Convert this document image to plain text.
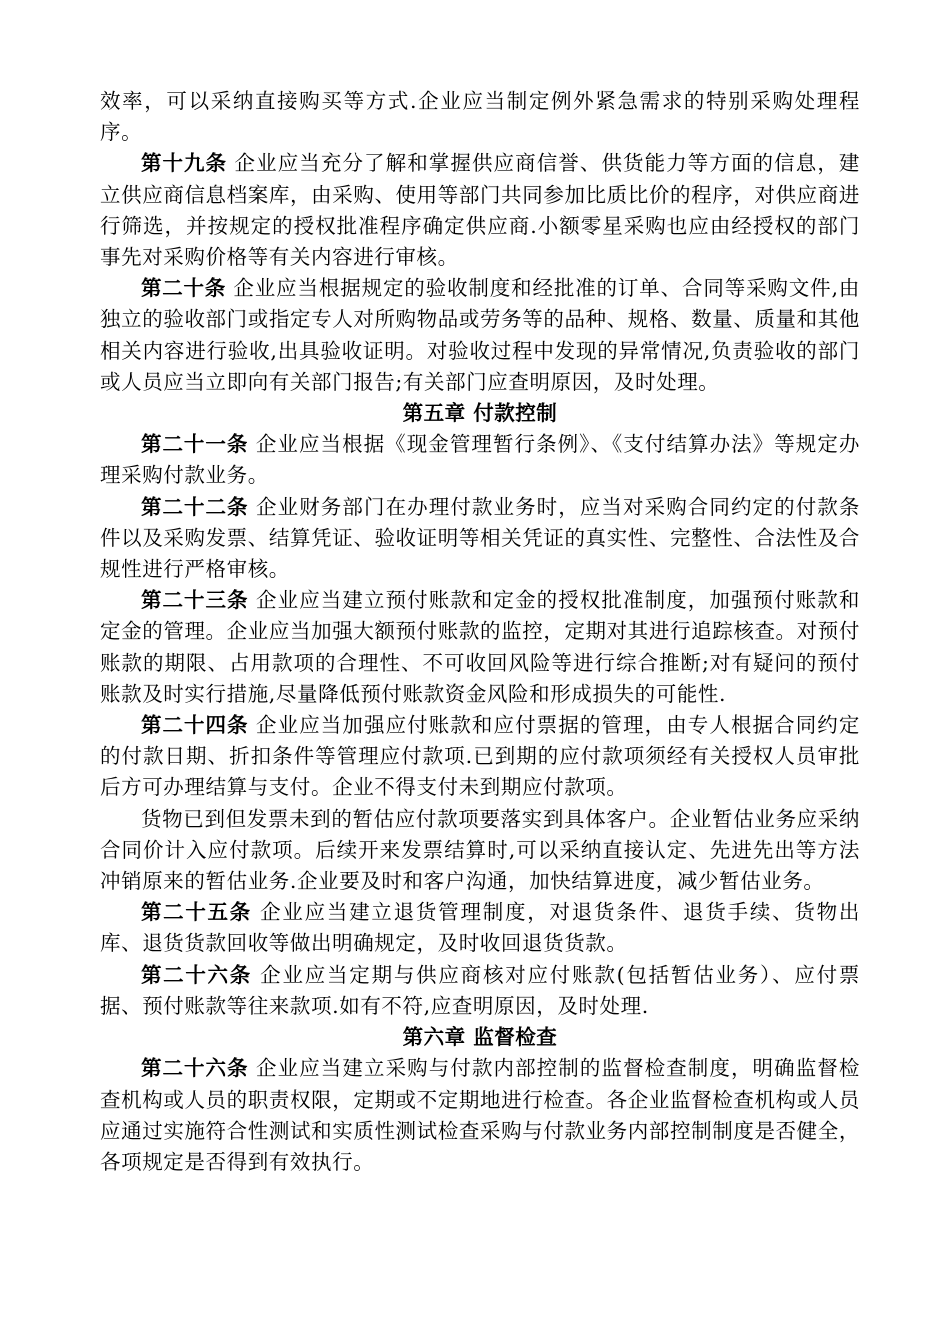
效率，可以采纳直接购买等方式.企业应当制定例外紧急需求的特别采购处理程序。

第十九条 企业应当充分了解和掌握供应商信誉、供货能力等方面的信息，建立供应商信息档案库，由采购、使用等部门共同参加比质比价的程序，对供应商进行筛选，并按规定的授权批准程序确定供应商.小额零星采购也应由经授权的部门事先对采购价格等有关内容进行审核。

第二十条 企业应当根据规定的验收制度和经批准的订单、合同等采购文件,由独立的验收部门或指定专人对所购物品或劳务等的品种、规格、数量、质量和其他相关内容进行验收,出具验收证明。对验收过程中发现的异常情况,负责验收的部门或人员应当立即向有关部门报告;有关部门应查明原因，及时处理。

第五章 付款控制

第二十一条 企业应当根据《现金管理暂行条例》、《支付结算办法》等规定办理采购付款业务。

第二十二条 企业财务部门在办理付款业务时，应当对采购合同约定的付款条件以及采购发票、结算凭证、验收证明等相关凭证的真实性、完整性、合法性及合规性进行严格审核。

第二十三条 企业应当建立预付账款和定金的授权批准制度，加强预付账款和定金的管理。企业应当加强大额预付账款的监控，定期对其进行追踪核查。对预付账款的期限、占用款项的合理性、不可收回风险等进行综合推断;对有疑问的预付账款及时实行措施,尽量降低预付账款资金风险和形成损失的可能性.

第二十四条 企业应当加强应付账款和应付票据的管理，由专人根据合同约定的付款日期、折扣条件等管理应付款项.已到期的应付款项须经有关授权人员审批后方可办理结算与支付。企业不得支付未到期应付款项。

货物已到但发票未到的暂估应付款项要落实到具体客户。企业暂估业务应采纳合同价计入应付款项。后续开来发票结算时,可以采纳直接认定、先进先出等方法冲销原来的暂估业务.企业要及时和客户沟通，加快结算进度，减少暂估业务。

第二十五条 企业应当建立退货管理制度，对退货条件、退货手续、货物出库、退货货款回收等做出明确规定，及时收回退货货款。

第二十六条 企业应当定期与供应商核对应付账款(包括暂估业务）、应付票据、预付账款等往来款项.如有不符,应查明原因，及时处理.

第六章 监督检查

第二十六条 企业应当建立采购与付款内部控制的监督检查制度，明确监督检查机构或人员的职责权限，定期或不定期地进行检查。各企业监督检查机构或人员应通过实施符合性测试和实质性测试检查采购与付款业务内部控制制度是否健全，各项规定是否得到有效执行。
